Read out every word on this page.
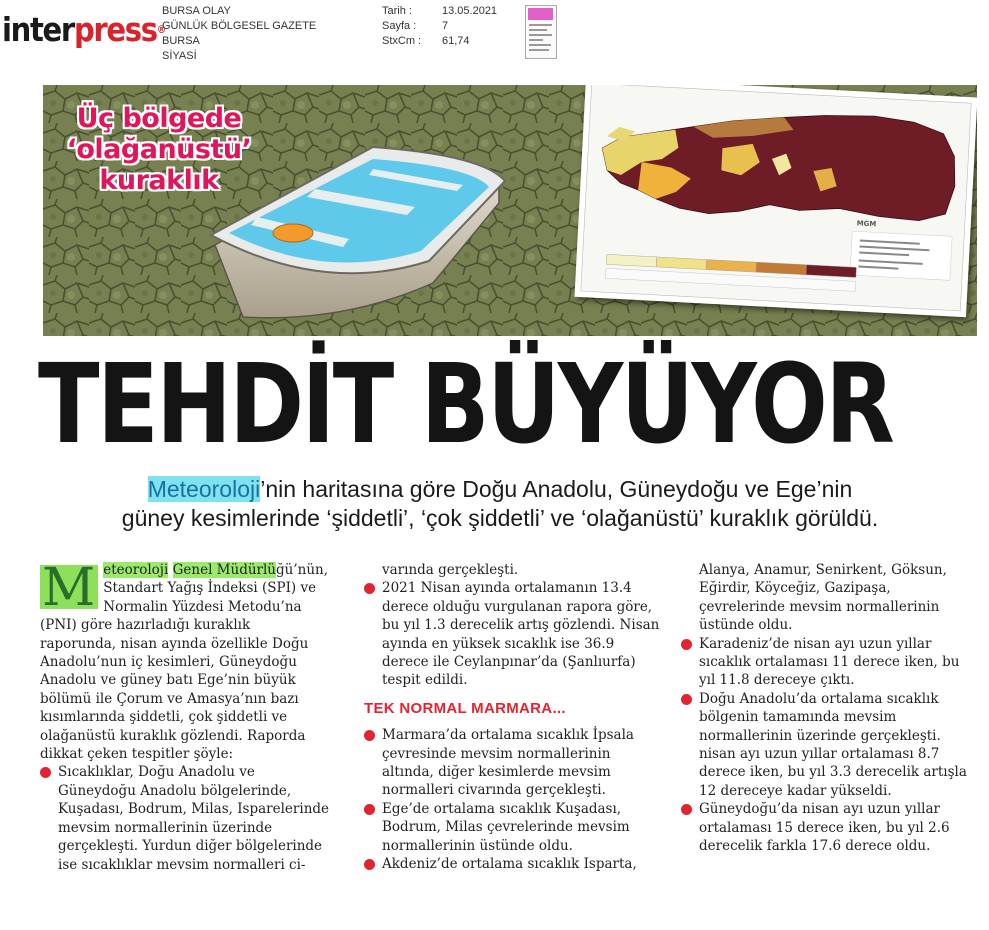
interpress®
BURSA OLAY
GÜNLÜK BÖLGESEL GAZETE
BURSA
SİYASİ
Tarih :
Sayfa :
StxCm :
13.05.2021
7
61,74
Üç bölgede
‘olağanüstü’
kuraklık
MGM
TEHDİT BÜYÜYOR
Meteoroloji’nin haritasına göre Doğu Anadolu, Güneydoğu ve Ege’nin
güney kesimlerinde ‘şiddetli’, ‘çok şiddetli’ ve ‘olağanüstü’ kuraklık görüldü.

M eteoroloji Genel Müdürlüğü’nün, Standart Yağış İndeksi (SPI) ve Normalin Yüzdesi Metodu’na (PNI) göre hazırladığı kuraklık raporunda, nisan ayında özellikle Doğu Anadolu’nun iç kesimleri, Güneydoğu Anadolu ve güney batı Ege’nin büyük bölümü ile Çorum ve Amasya’nın bazı kısımlarında şiddetli, çok şiddetli ve olağanüstü kuraklık gözlendi. Raporda dikkat çeken tespitler şöyle:

Sıcaklıklar, Doğu Anadolu ve Güneydoğu Anadolu bölgelerinde, Kuşadası, Bodrum, Milas, Isparelerinde mevsim normallerinin üzerinde gerçekleşti. Yurdun diğer bölgelerinde ise sıcaklıklar mevsim normalleri ci-

varında gerçekleşti.

2021 Nisan ayında ortalamanın 13.4 derece olduğu vurgulanan rapora göre, bu yıl 1.3 derecelik artış gözlendi. Nisan ayında en yüksek sıcaklık ise 36.9 derece ile Ceylanpınar’da (Şanlıurfa) tespit edildi.

TEK NORMAL MARMARA...

Marmara’da ortalama sıcaklık İpsala çevresinde mevsim normallerinin altında, diğer kesimlerde mevsim normalleri civarında gerçekleşti.

Ege’de ortalama sıcaklık Kuşadası, Bodrum, Milas çevrelerinde mevsim normallerinin üstünde oldu.

Akdeniz’de ortalama sıcaklık Isparta,

Alanya, Anamur, Senirkent, Göksun, Eğirdir, Köyceğiz, Gazipaşa, çevrelerinde mevsim normallerinin üstünde oldu.

Karadeniz’de nisan ayı uzun yıllar sıcaklık ortalaması 11 derece iken, bu yıl 11.8 dereceye çıktı.

Doğu Anadolu’da ortalama sıcaklık bölgenin tamamında mevsim normallerinin üzerinde gerçekleşti. nisan ayı uzun yıllar ortalaması 8.7 derece iken, bu yıl 3.3 derecelik artışla 12 dereceye kadar yükseldi.

Güneydoğu’da nisan ayı uzun yıllar ortalaması 15 derece iken, bu yıl 2.6 derecelik farkla 17.6 derece oldu.
